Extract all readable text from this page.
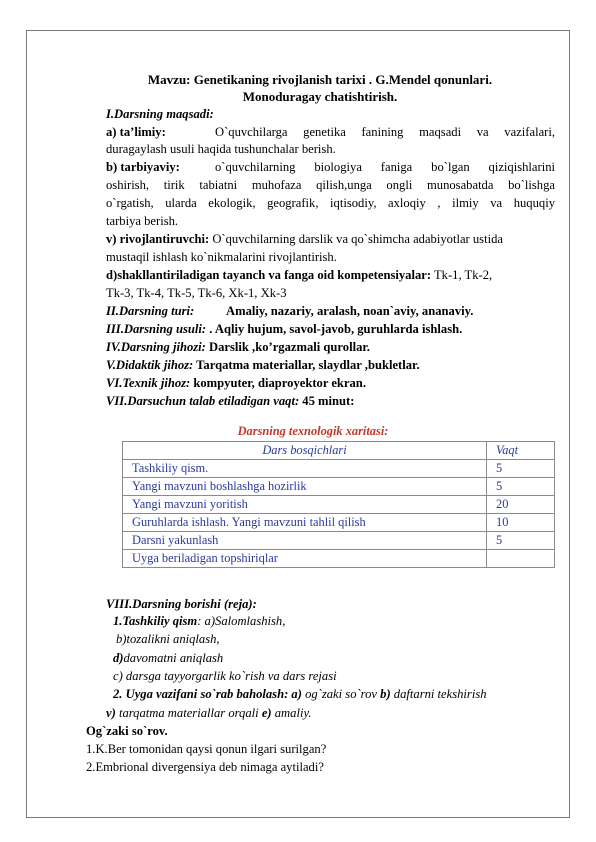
Mavzu: Genetikaning rivojlanish tarixi . G.Mendel qonunlari.
Monoduragay chatishtirish.
I.Darsning maqsadi:
a) ta’limiy:	O`quvchilarga genetika fanining maqsadi va vazifalari,
duragaylash usuli haqida tushunchalar berish.
b) tarbiyaviy:	o`quvchilarning biologiya faniga bo`lgan qiziqishlarini
oshirish, tirik tabiatni muhofaza qilish,unga ongli munosabatda bo`lishga
o`rgatish, ularda ekologik, geografik, iqtisodiy, axloqiy , ilmiy va huquqiy
tarbiya berish.
v) rivojlantiruvchi: O`quvchilarning darslik va qo`shimcha adabiyotlar ustida
mustaqil ishlash ko`nikmalarini rivojlantirish.
d)shakllantiriladigan tayanch va fanga oid kompetensiyalar: Tk-1, Tk-2,
Tk-3, Tk-4, Tk-5, Tk-6, Xk-1, Xk-3
II.Darsning turi:	Amaliy, nazariy, aralash, noan`aviy, ananaviy.
III.Darsning usuli: . Aqliy hujum, savol-javob, guruhlarda ishlash.
IV.Darsning jihozi: Darslik ,ko’rgazmali qurollar.
V.Didaktik jihoz: Tarqatma materiallar, slaydlar ,bukletlar.
VI.Texnik jihoz: kompyuter, diaproyektor ekran.
VII.Darsuchun talab etiladigan vaqt: 45 minut:
Darsning texnologik xaritasi:
Dars bosqichlari	Vaqt
Tashkiliy qism.	5
Yangi mavzuni boshlashga hozirlik	5
Yangi mavzuni yoritish	20
Guruhlarda ishlash. Yangi mavzuni tahlil qilish	10
Darsni yakunlash	5
Uyga beriladigan topshiriqlar	
VIII.Darsning borishi (reja):
1.Tashkiliy qism: a)Salomlashish,
b)tozalikni aniqlash,
d)davomatni aniqlash
c) darsga tayyorgarlik ko`rish va dars rejasi
2. Uyga vazifani so`rab baholash: a) og`zaki so`rov b) daftarni tekshirish
v) tarqatma materiallar orqali e) amaliy.
Og`zaki so`rov.
1.K.Ber tomonidan qaysi qonun ilgari surilgan?
2.Embrional divergensiya deb nimaga aytiladi?
